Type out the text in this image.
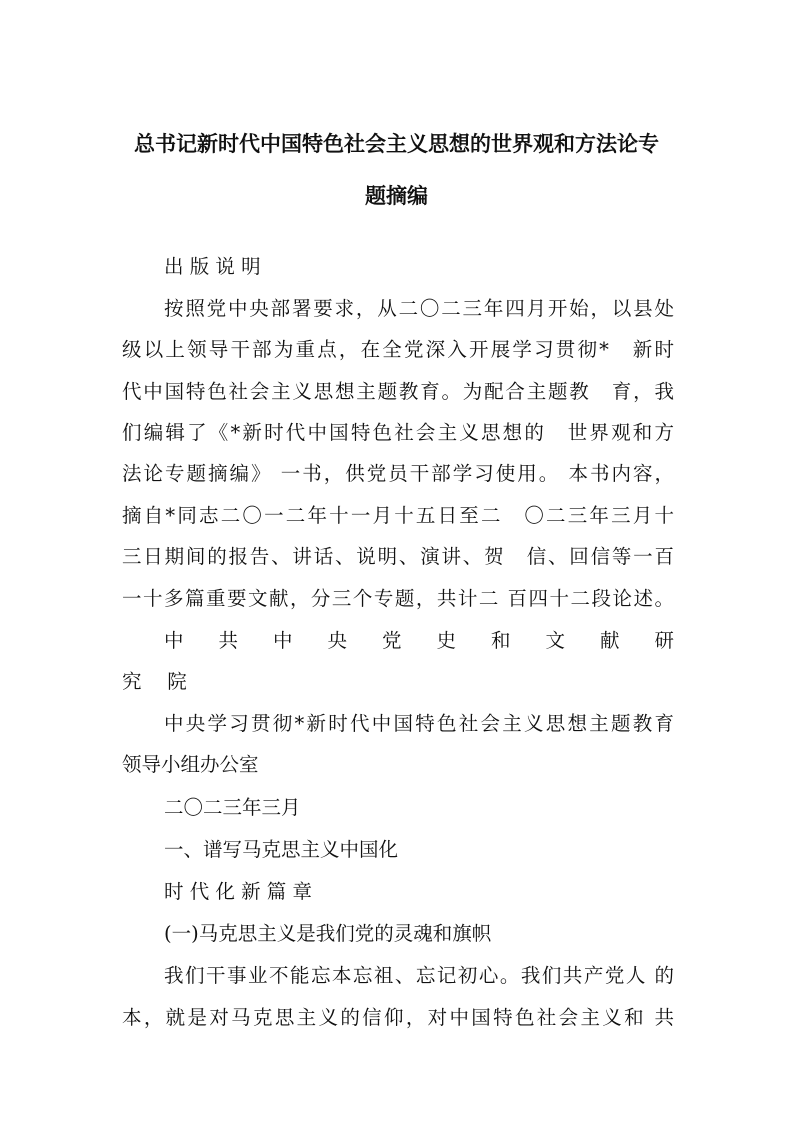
总书记新时代中国特色社会主义思想的世界观和方法论专
题摘编
出 版 说 明
按照党中央部署要求，从二〇二三年四月开始，以县处
级以上领导干部为重点，在全党深入开展学习贯彻*　新时
代中国特色社会主义思想主题教育。为配合主题教　育，我
们编辑了《*新时代中国特色社会主义思想的　世界观和方
法论专题摘编》 一书，供党员干部学习使用。 本书内容，
摘自*同志二〇一二年十一月十五日至二　〇二三年三月十
三日期间的报告、讲话、说明、演讲、贺　信、回信等一百
一十多篇重要文献，分三个专题，共计二 百四十二段论述。
中　共　中　央　党　史　和　文　献　研
究　 院
中央学习贯彻*新时代中国特色社会主义思想主题教育
领导小组办公室
二〇二三年三月
一、谱写马克思主义中国化
时 代 化 新 篇 章
(一)马克思主义是我们党的灵魂和旗帜
我们干事业不能忘本忘祖、忘记初心。我们共产党人 的
本，就是对马克思主义的信仰，对中国特色社会主义和 共
